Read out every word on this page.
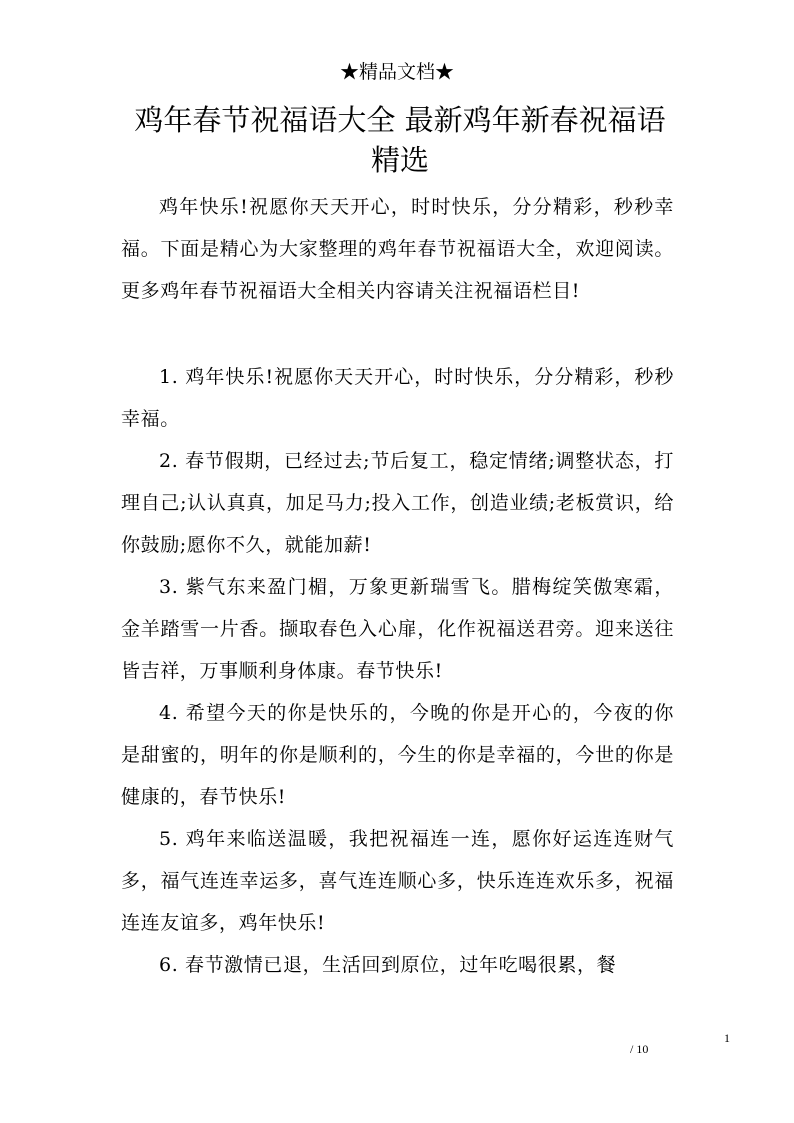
★精品文档★
鸡年春节祝福语大全 最新鸡年新春祝福语精选

鸡年快乐!祝愿你天天开心，时时快乐，分分精彩，秒秒幸福。下面是精心为大家整理的鸡年春节祝福语大全，欢迎阅读。更多鸡年春节祝福语大全相关内容请关注祝福语栏目!

1. 鸡年快乐!祝愿你天天开心，时时快乐，分分精彩，秒秒幸福。

2. 春节假期，已经过去;节后复工，稳定情绪;调整状态，打理自己;认认真真，加足马力;投入工作，创造业绩;老板赏识，给你鼓励;愿你不久，就能加薪!

3. 紫气东来盈门楣，万象更新瑞雪飞。腊梅绽笑傲寒霜，金羊踏雪一片香。撷取春色入心扉，化作祝福送君旁。迎来送往皆吉祥，万事顺利身体康。春节快乐!

4. 希望今天的你是快乐的，今晚的你是开心的，今夜的你是甜蜜的，明年的你是顺利的，今生的你是幸福的，今世的你是健康的，春节快乐!

5. 鸡年来临送温暖，我把祝福连一连，愿你好运连连财气多，福气连连幸运多，喜气连连顺心多，快乐连连欢乐多，祝福连连友谊多，鸡年快乐!

6. 春节激情已退，生活回到原位，过年吃喝很累，餐

1
/ 10
